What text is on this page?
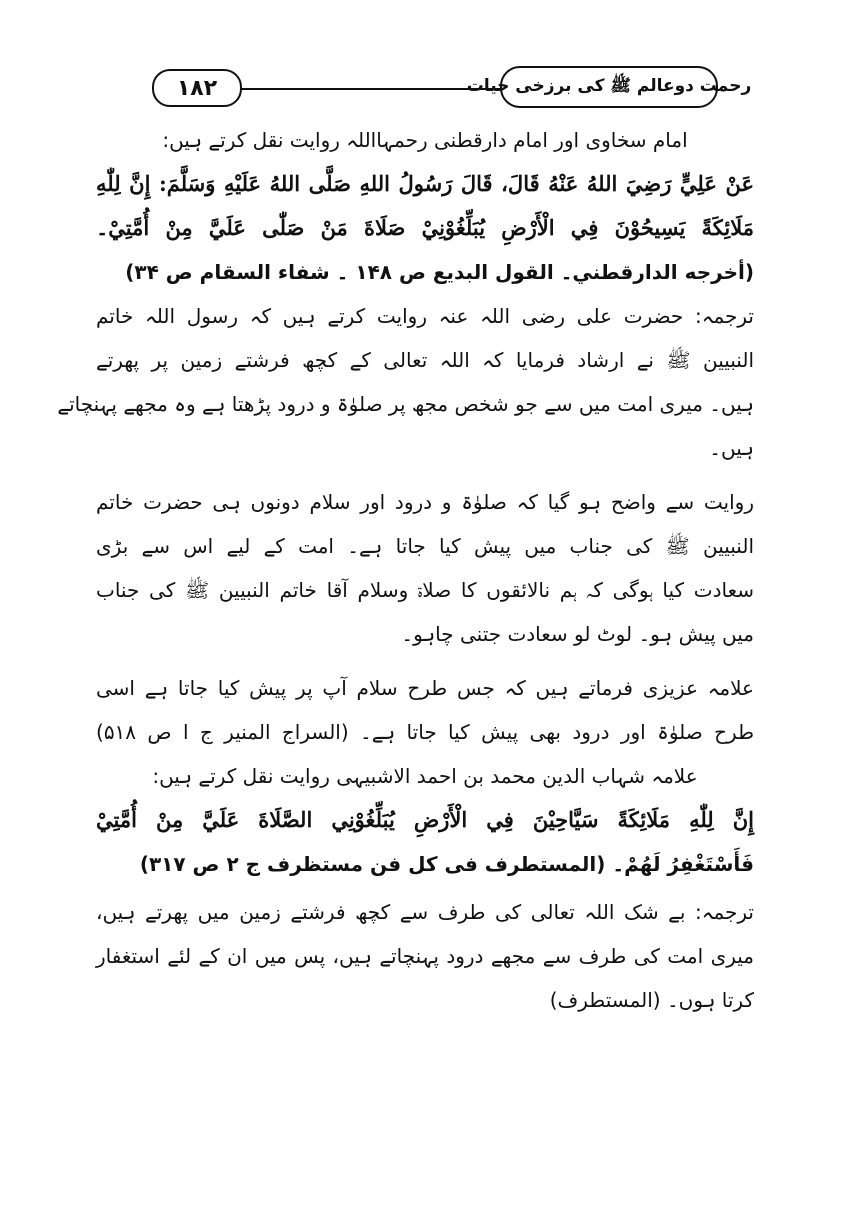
۱۸۲	رحمت دوعالم ﷺ کی برزخی حیات
امام سخاوی اور امام دارقطنی رحمہااللہ روایت نقل کرتے ہیں:
عَنْ عَلِيٍّ رَضِيَ اللهُ عَنْهُ قَالَ، قَالَ رَسُولُ اللهِ صَلَّى اللهُ عَلَيْهِ وَسَلَّمَ: إِنَّ لِلّٰهِ
مَلَائِكَةً يَسِيحُوْنَ فِي الْأَرْضِ يُبَلِّغُوْنِيْ صَلَاةَ مَنْ صَلّٰى عَلَيَّ مِنْ أُمَّتِيْ۔
(أخرجه الدارقطني۔ القول البديع ص ۱۴۸ ۔ شفاء السقام ص ۳۴)
ترجمہ: حضرت علی رضی اللہ عنہ روایت کرتے ہیں کہ رسول اللہ خاتم
النبیین ﷺ نے ارشاد فرمایا کہ اللہ تعالی کے کچھ فرشتے زمین پر پھرتے
ہیں۔ میری امت میں سے جو شخص مجھ پر صلوٰۃ و درود پڑھتا ہے وہ مجھے پہنچاتے
ہیں۔
روایت سے واضح ہو گیا کہ صلوٰۃ و درود اور سلام دونوں ہی حضرت خاتم
النبیین ﷺ کی جناب میں پیش کیا جاتا ہے۔ امت کے لیے اس سے بڑی
سعادت کیا ہوگی کہ ہم نالائقوں کا صلاۃ وسلام آقا خاتم النبیین ﷺ کی جناب
میں پیش ہو۔ لوٹ لو سعادت جتنی چاہو۔
علامہ عزیزی فرماتے ہیں کہ جس طرح سلام آپ پر پیش کیا جاتا ہے اسی
طرح صلوٰۃ اور درود بھی پیش کیا جاتا ہے۔ (السراج المنیر ج ا ص ۵۱۸)
علامہ شہاب الدین محمد بن احمد الاشبیہی روایت نقل کرتے ہیں:
إِنَّ لِلّٰهِ مَلَائِكَةً سَيَّاحِيْنَ فِي الْأَرْضِ يُبَلِّغُوْنِي الصَّلَاةَ عَلَيَّ مِنْ أُمَّتِيْ
فَأَسْتَغْفِرُ لَهُمْ۔ (المستطرف فی کل فن مستظرف ج ۲ ص ۳۱۷)
ترجمہ: بے شک اللہ تعالی کی طرف سے کچھ فرشتے زمین میں پھرتے ہیں،
میری امت کی طرف سے مجھے درود پہنچاتے ہیں، پس میں ان کے لئے استغفار
کرتا ہوں۔ (المستطرف)
